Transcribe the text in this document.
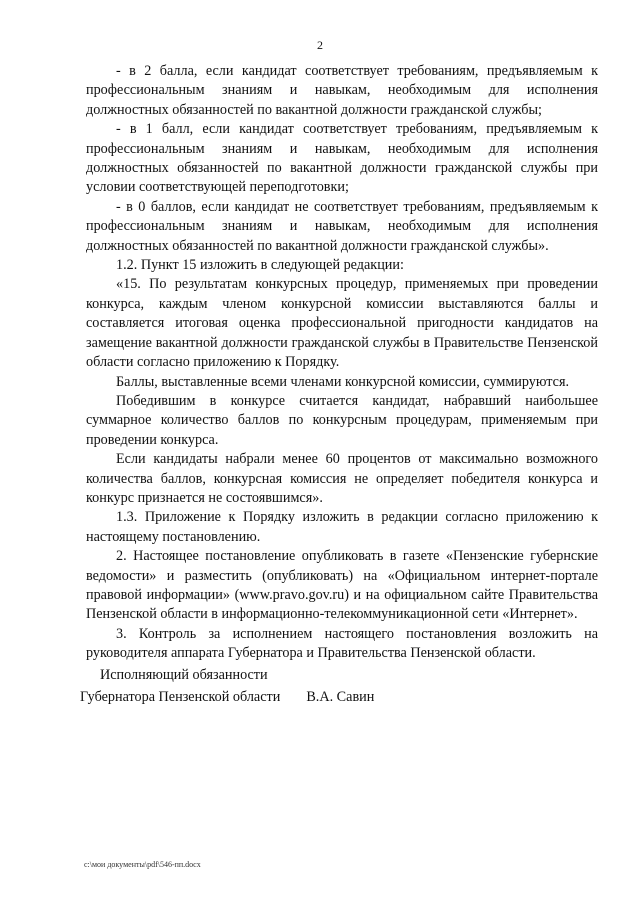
2

- в 2 балла, если кандидат соответствует требованиям, предъявляемым к профессиональным знаниям и навыкам, необходимым для исполнения должностных обязанностей по вакантной должности гражданской службы;

- в 1 балл, если кандидат соответствует требованиям, предъявляемым к профессиональным знаниям и навыкам, необходимым для исполнения должностных обязанностей по вакантной должности гражданской службы при условии соответствующей переподготовки;

- в 0 баллов, если кандидат не соответствует требованиям, предъявляемым к профессиональным знаниям и навыкам, необходимым для исполнения должностных обязанностей по вакантной должности гражданской службы».

1.2. Пункт 15 изложить в следующей редакции:

«15. По результатам конкурсных процедур, применяемых при проведении конкурса, каждым членом конкурсной комиссии выставляются баллы и составляется итоговая оценка профессиональной пригодности кандидатов на замещение вакантной должности гражданской службы в Правительстве Пензенской области согласно приложению к Порядку.

Баллы, выставленные всеми членами конкурсной комиссии, суммируются.

Победившим в конкурсе считается кандидат, набравший наибольшее суммарное количество баллов по конкурсным процедурам, применяемым при проведении конкурса.

Если кандидаты набрали менее 60 процентов от максимально возможного количества баллов, конкурсная комиссия не определяет победителя конкурса и конкурс признается не состоявшимся».

1.3. Приложение к Порядку изложить в редакции согласно приложению к настоящему постановлению.

2. Настоящее постановление опубликовать в газете «Пензенские губернские ведомости» и разместить (опубликовать) на «Официальном интернет-портале правовой информации» (www.pravo.gov.ru) и на официальном сайте Правительства Пензенской области в информационно-телекоммуникационной сети «Интернет».

3. Контроль за исполнением настоящего постановления возложить на руководителя аппарата Губернатора и Правительства Пензенской области.

Исполняющий обязанности
Губернатора Пензенской области В.А. Савин
c:\мои документы\pdf\546-пп.docx
